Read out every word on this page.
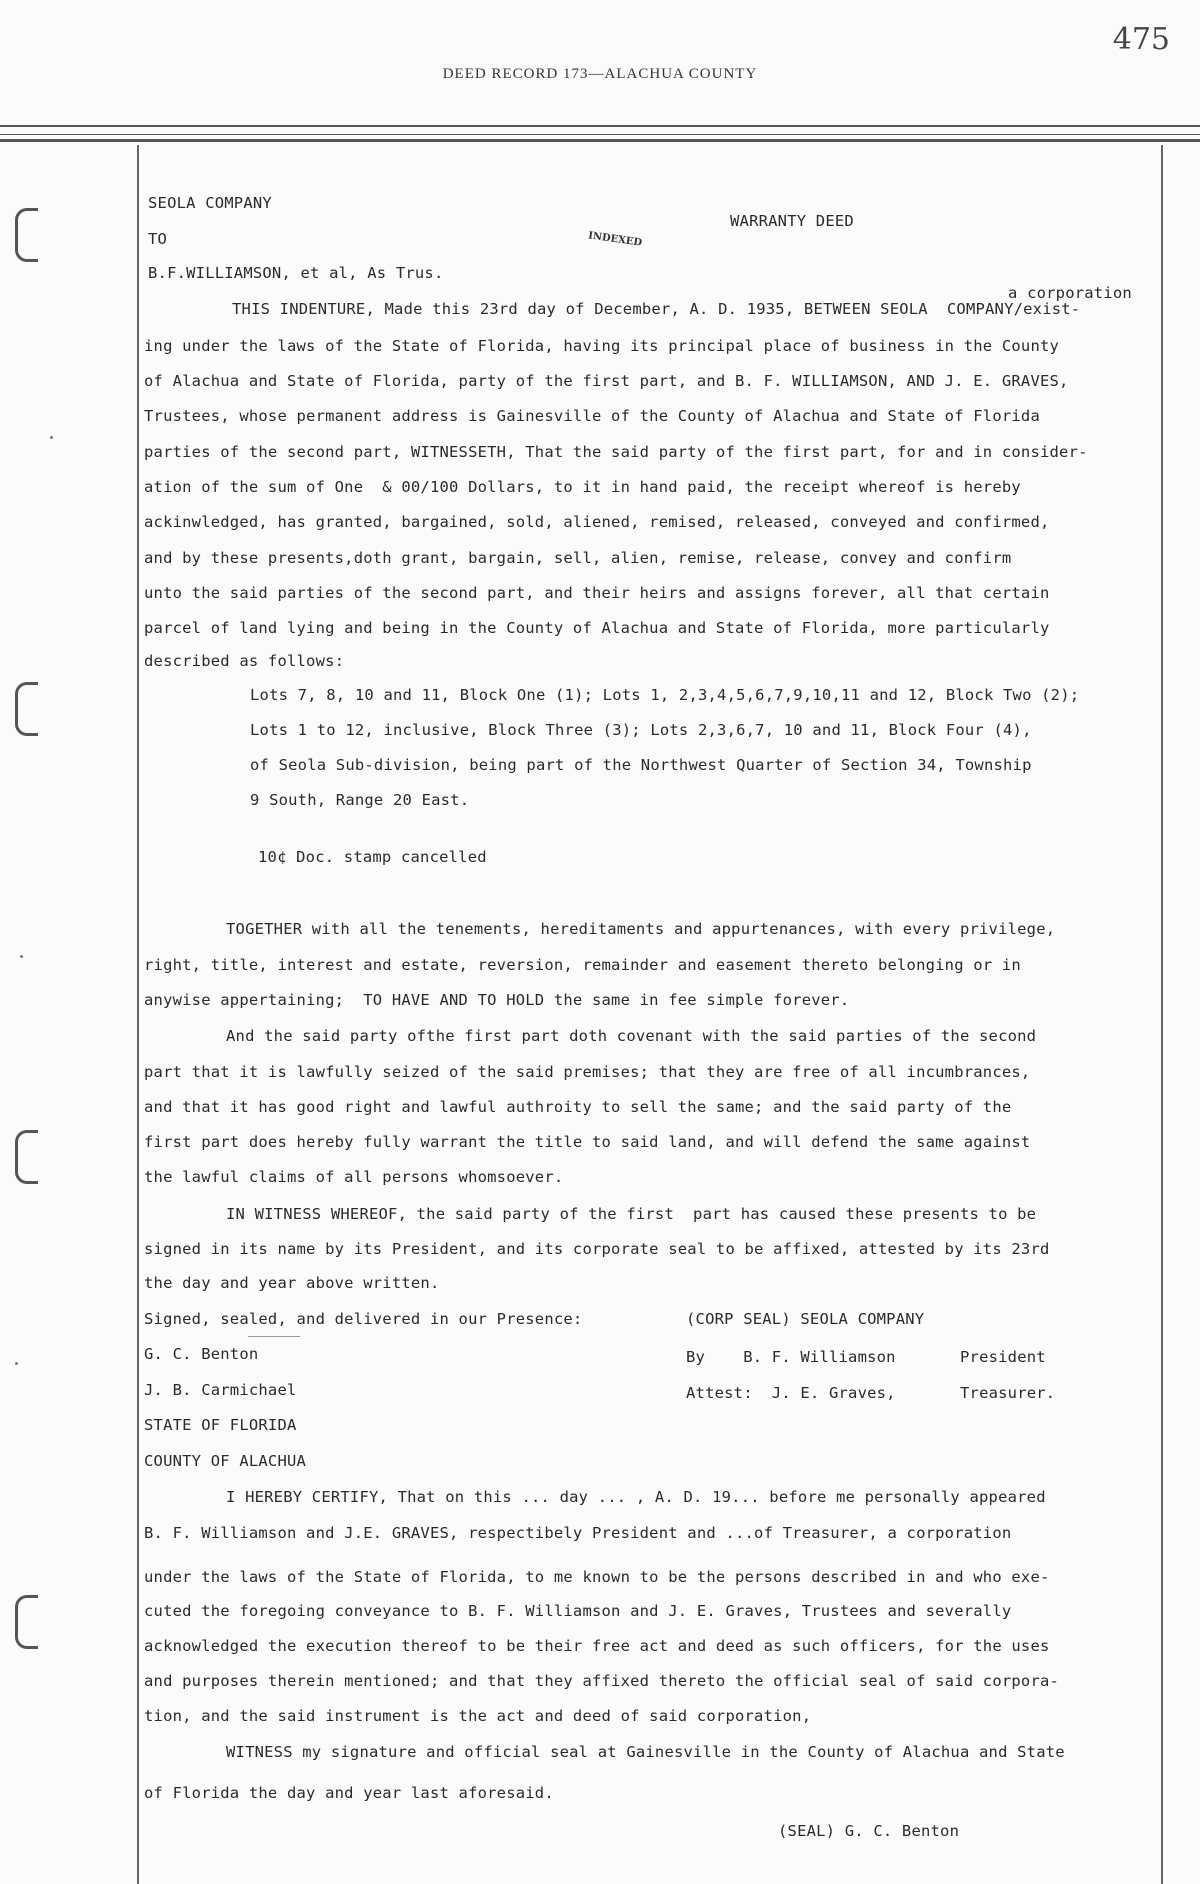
475
DEED RECORD 173—ALACHUA COUNTY
SEOLA COMPANY
TO
B.F.WILLIAMSON, et al, As Trus.
WARRANTY DEED
INDEXED
a corporation
THIS INDENTURE, Made this 23rd day of December, A. D. 1935, BETWEEN SEOLA  COMPANY/exist-
ing under the laws of the State of Florida, having its principal place of business in the County
of Alachua and State of Florida, party of the first part, and B. F. WILLIAMSON, AND J. E. GRAVES,
Trustees, whose permanent address is Gainesville of the County of Alachua and State of Florida
parties of the second part, WITNESSETH, That the said party of the first part, for and in consider-
ation of the sum of One  & 00/100 Dollars, to it in hand paid, the receipt whereof is hereby
ackinwledged, has granted, bargained, sold, aliened, remised, released, conveyed and confirmed,
and by these presents,doth grant, bargain, sell, alien, remise, release, convey and confirm
unto the said parties of the second part, and their heirs and assigns forever, all that certain
parcel of land lying and being in the County of Alachua and State of Florida, more particularly
described as follows:
Lots 7, 8, 10 and 11, Block One (1); Lots 1, 2,3,4,5,6,7,9,10,11 and 12, Block Two (2);
Lots 1 to 12, inclusive, Block Three (3); Lots 2,3,6,7, 10 and 11, Block Four (4),
of Seola Sub-division, being part of the Northwest Quarter of Section 34, Township
9 South, Range 20 East.
10¢ Doc. stamp cancelled
TOGETHER with all the tenements, hereditaments and appurtenances, with every privilege,
right, title, interest and estate, reversion, remainder and easement thereto belonging or in
anywise appertaining;  TO HAVE AND TO HOLD the same in fee simple forever.
And the said party ofthe first part doth covenant with the said parties of the second
part that it is lawfully seized of the said premises; that they are free of all incumbrances,
and that it has good right and lawful authroity to sell the same; and the said party of the
first part does hereby fully warrant the title to said land, and will defend the same against
the lawful claims of all persons whomsoever.
IN WITNESS WHEREOF, the said party of the first  part has caused these presents to be
signed in its name by its President, and its corporate seal to be affixed, attested by its 23rd
the day and year above written.
Signed, sealed, and delivered in our Presence:	(CORP SEAL) SEOLA COMPANY
G. C. Benton	By    B. F. Williamson	President
J. B. Carmichael	Attest:  J. E. Graves,	Treasurer.
STATE OF FLORIDA
COUNTY OF ALACHUA
I HEREBY CERTIFY, That on this ... day ... , A. D. 19... before me personally appeared
B. F. Williamson and J.E. GRAVES, respectibely President and ...of Treasurer, a corporation
under the laws of the State of Florida, to me known to be the persons described in and who exe-
cuted the foregoing conveyance to B. F. Williamson and J. E. Graves, Trustees and severally
acknowledged the execution thereof to be their free act and deed as such officers, for the uses
and purposes therein mentioned; and that they affixed thereto the official seal of said corpora-
tion, and the said instrument is the act and deed of said corporation,
WITNESS my signature and official seal at Gainesville in the County of Alachua and State
of Florida the day and year last aforesaid.
(SEAL) G. C. Benton
